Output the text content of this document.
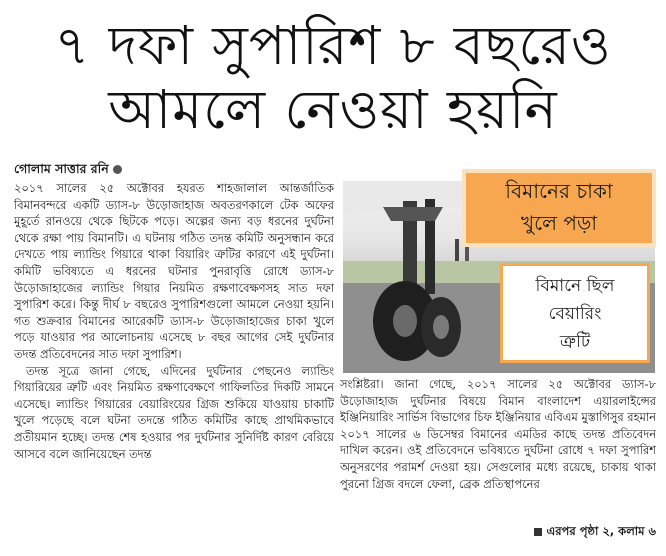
৭ দফা সুপারিশ ৮ বছরেও
আমলে নেওয়া হয়নি
গোলাম সাত্তার রনি

২০১৭ সালের ২৫ অক্টোবর হযরত শাহজালাল আন্তর্জাতিক বিমানবন্দরে একটি ড্যাস-৮ উড়োজাহাজ অবতরণকালে টেক অফের মুহূর্তে রানওয়ে থেকে ছিটকে পড়ে। অল্পের জন্য বড় ধরনের দুর্ঘটনা থেকে রক্ষা পায় বিমানটি। এ ঘটনায় গঠিত তদন্ত কমিটি অনুসন্ধান করে দেখতে পায় ল্যান্ডিং গিয়ারে থাকা বিয়ারিং ত্রুটির কারণে এই দুর্ঘটনা। কমিটি ভবিষ্যতে এ ধরনের ঘটনার পুনরাবৃত্তি রোধে ড্যাস-৮ উড়োজাহাজের ল্যান্ডিং গিয়ার নিয়মিত রক্ষণাবেক্ষণসহ সাত দফা সুপারিশ করে। কিন্তু দীর্ঘ ৮ বছরেও সুপারিশগুলো আমলে নেওয়া হয়নি। গত শুক্রবার বিমানের আরেকটি ড্যাস-৮ উড়োজাহাজের চাকা খুলে পড়ে যাওয়ার পর আলোচনায় এসেছে ৮ বছর আগের সেই দুর্ঘটনার তদন্ত প্রতিবেদনের সাত দফা সুপারিশ।

তদন্ত সূত্রে জানা গেছে, এদিনের দুর্ঘটনার পেছনেও ল্যান্ডিং গিয়ারিয়ের ত্রুটি এবং নিয়মিত রক্ষণাবেক্ষণে গাফিলতির দিকটি সামনে এসেছে। ল্যান্ডিং গিয়ারের বেয়ারিংয়ের গ্রিজ শুকিয়ে যাওয়ায় চাকাটি খুলে পড়েছে বলে ঘটনা তদন্তে গঠিত কমিটির কাছে প্রাথমিকভাবে প্রতীয়মান হচ্ছে। তদন্ত শেষ হওয়ার পর দুর্ঘটনার সুনির্দিষ্ট কারণ বেরিয়ে আসবে বলে জানিয়েছেন তদন্ত

বিমানের চাকা
খুলে পড়া
বিমানে ছিল
বেয়ারিং
ত্রুটি

সংশ্লিষ্টরা। জানা গেছে, ২০১৭ সালের ২৫ অক্টোবর ড্যাস-৮ উড়োজাহাজ দুর্ঘটনার বিষয়ে বিমান বাংলাদেশ এয়ারলাইন্সের ইঞ্জিনিয়ারিং সার্ভিস বিভাগের চিফ ইঞ্জিনিয়ার এবিএম মুস্তাগিসুর রহমান ২০১৭ সালের ৬ ডিসেম্বর বিমানের এমডির কাছে তদন্ত প্রতিবেদন দাখিল করেন। ওই প্রতিবেদনে ভবিষ্যতে দুর্ঘটনা রোধে ৭ দফা সুপারিশ অনুসরণের পরামর্শ দেওয়া হয়। সেগুলোর মধ্যে রয়েছে, চাকায় থাকা পুরনো গ্রিজ বদলে ফেলা, ব্রেক প্রতিস্থাপনের

এরপর পৃষ্ঠা ২, কলাম ৬
